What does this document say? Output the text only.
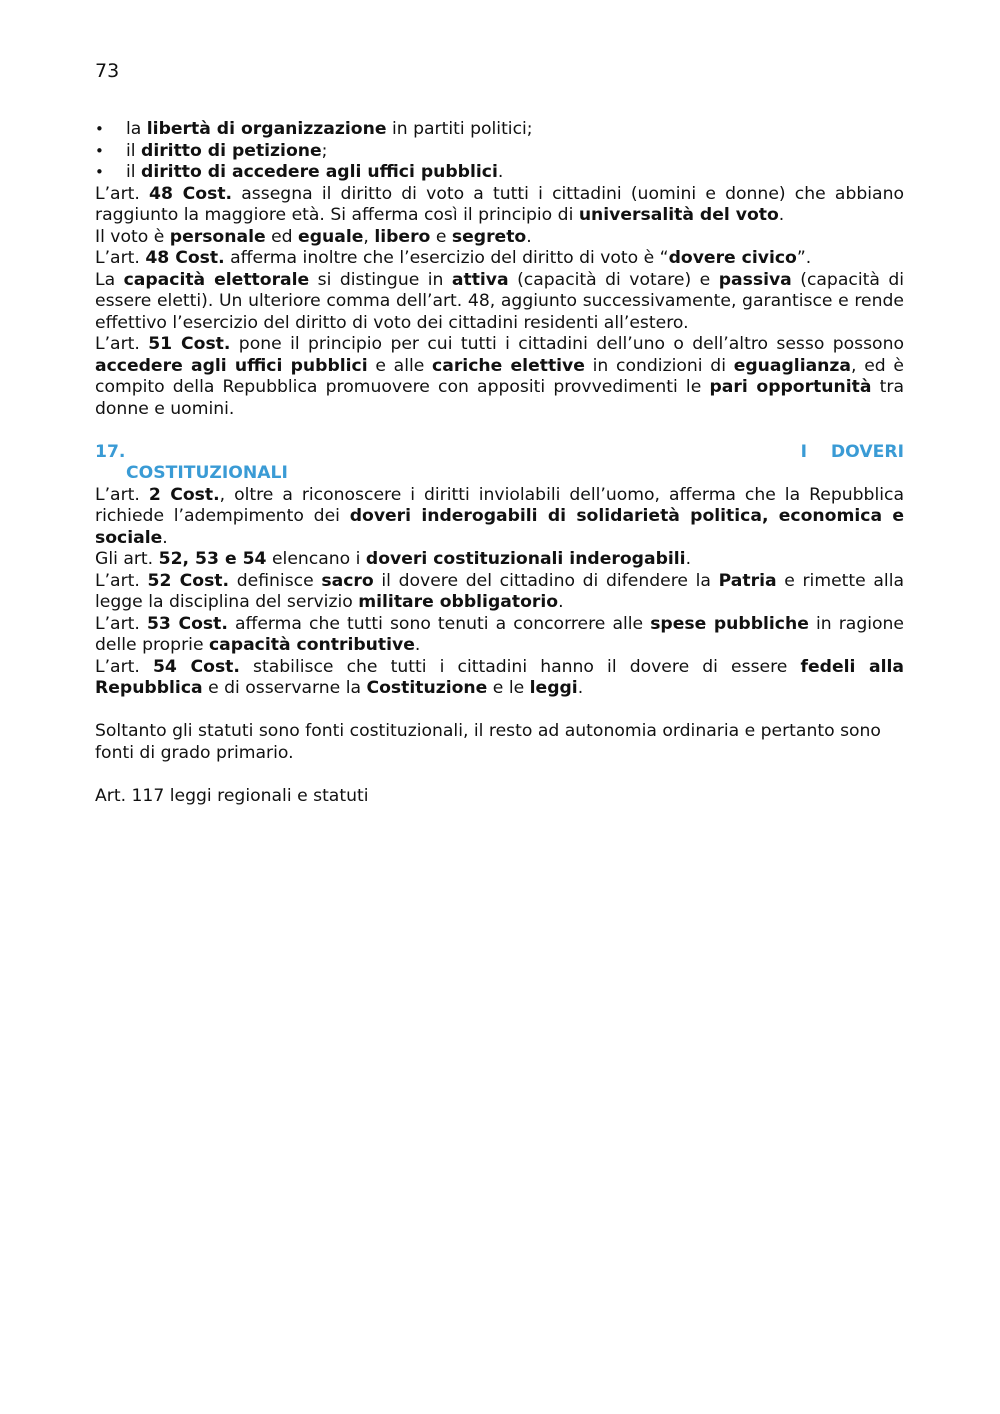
73
• la libertà di organizzazione in partiti politici;
• il diritto di petizione;
• il diritto di accedere agli uffici pubblici.

L’art. 48 Cost. assegna il diritto di voto a tutti i cittadini (uomini e donne) che abbiano raggiunto la maggiore età. Si afferma così il principio di universalità del voto.

Il voto è personale ed eguale, libero e segreto.

L’art. 48 Cost. afferma inoltre che l’esercizio del diritto di voto è “dovere civico”.

La capacità elettorale si distingue in attiva (capacità di votare) e passiva (capacità di essere eletti). Un ulteriore comma dell’art. 48, aggiunto successivamente, garantisce e rende effettivo l’esercizio del diritto di voto dei cittadini residenti all’estero.

L’art. 51 Cost. pone il principio per cui tutti i cittadini dell’uno o dell’altro sesso possono accedere agli uffici pubblici e alle cariche elettive in condizioni di eguaglianza, ed è compito della Repubblica promuovere con appositi provvedimenti le pari opportunità tra donne e uomini.

17.	I DOVERI
COSTITUZIONALI

L’art. 2 Cost., oltre a riconoscere i diritti inviolabili dell’uomo, afferma che la Repubblica richiede l’adempimento dei doveri inderogabili di solidarietà politica, economica e sociale.

Gli art. 52, 53 e 54 elencano i doveri costituzionali inderogabili.

L’art. 52 Cost. definisce sacro il dovere del cittadino di difendere la Patria e rimette alla legge la disciplina del servizio militare obbligatorio.

L’art. 53 Cost. afferma che tutti sono tenuti a concorrere alle spese pubbliche in ragione delle proprie capacità contributive.

L’art. 54 Cost. stabilisce che tutti i cittadini hanno il dovere di essere fedeli alla Repubblica e di osservarne la Costituzione e le leggi.

Soltanto gli statuti sono fonti costituzionali, il resto ad autonomia ordinaria e pertanto sono fonti di grado primario.

Art. 117 leggi regionali e statuti
